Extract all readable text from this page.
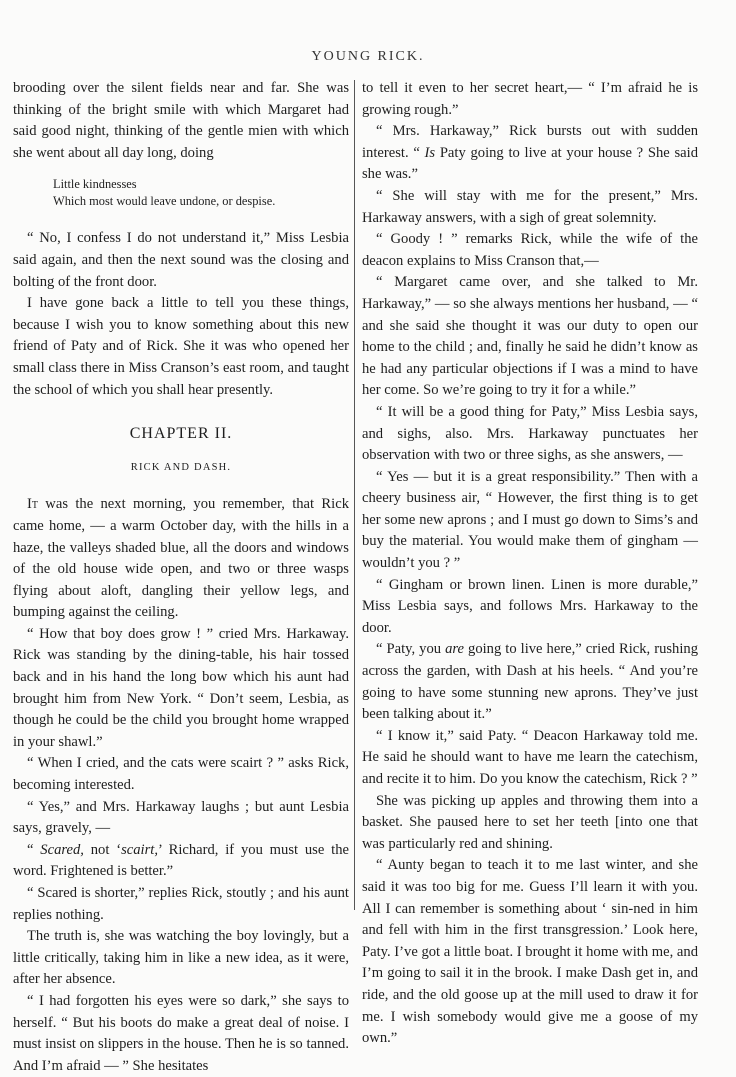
YOUNG RICK.

brooding over the silent fields near and far. She was thinking of the bright smile with which Margaret had said good night, thinking of the gentle mien with which she went about all day long, doing

Little kindnesses
Which most would leave undone, or despise.

“ No, I confess I do not understand it,” Miss Lesbia said again, and then the next sound was the closing and bolting of the front door.

I have gone back a little to tell you these things, because I wish you to know something about this new friend of Paty and of Rick. She it was who opened her small class there in Miss Cranson’s east room, and taught the school of which you shall hear presently.

CHAPTER II.
RICK AND DASH.

It was the next morning, you remember, that Rick came home, — a warm October day, with the hills in a haze, the valleys shaded blue, all the doors and windows of the old house wide open, and two or three wasps flying about aloft, dangling their yellow legs, and bumping against the ceiling.

“ How that boy does grow ! ” cried Mrs. Harkaway. Rick was standing by the dining-table, his hair tossed back and in his hand the long bow which his aunt had brought him from New York. “ Don’t seem, Lesbia, as though he could be the child you brought home wrapped in your shawl.”

“ When I cried, and the cats were scairt ? ” asks Rick, becoming interested.

“ Yes,” and Mrs. Harkaway laughs ; but aunt Lesbia says, gravely, —

“ Scared, not ‘scairt,’ Richard, if you must use the word. Frightened is better.”

“ Scared is shorter,” replies Rick, stoutly ; and his aunt replies nothing.

The truth is, she was watching the boy lovingly, but a little critically, taking him in like a new idea, as it were, after her absence.

“ I had forgotten his eyes were so dark,” she says to herself. “ But his boots do make a great deal of noise. I must insist on slippers in the house. Then he is so tanned. And I’m afraid — ” She hesitates

to tell it even to her secret heart,— “ I’m afraid he is growing rough.”

“ Mrs. Harkaway,” Rick bursts out with sudden interest. “ Is Paty going to live at your house ? She said she was.”

“ She will stay with me for the present,” Mrs. Harkaway answers, with a sigh of great solemnity.

“ Goody ! ” remarks Rick, while the wife of the deacon explains to Miss Cranson that,—

“ Margaret came over, and she talked to Mr. Harkaway,” — so she always mentions her husband, — “ and she said she thought it was our duty to open our home to the child ; and, finally he said he didn’t know as he had any particular objections if I was a mind to have her come. So we’re going to try it for a while.”

“ It will be a good thing for Paty,” Miss Lesbia says, and sighs, also. Mrs. Harkaway punctuates her observation with two or three sighs, as she answers, —

“ Yes — but it is a great responsibility.” Then with a cheery business air, “ However, the first thing is to get her some new aprons ; and I must go down to Sims’s and buy the material. You would make them of gingham — wouldn’t you ? ”

“ Gingham or brown linen. Linen is more durable,” Miss Lesbia says, and follows Mrs. Harkaway to the door.

“ Paty, you are going to live here,” cried Rick, rushing across the garden, with Dash at his heels. “ And you’re going to have some stunning new aprons. They’ve just been talking about it.”

“ I know it,” said Paty. “ Deacon Harkaway told me. He said he should want to have me learn the catechism, and recite it to him. Do you know the catechism, Rick ? ”

She was picking up apples and throwing them into a basket. She paused here to set her teeth [into one that was particularly red and shining.

“ Aunty began to teach it to me last winter, and she said it was too big for me. Guess I’ll learn it with you. All I can remember is something about ‘ sin-ned in him and fell with him in the first transgression.’ Look here, Paty. I’ve got a little boat. I brought it home with me, and I’m going to sail it in the brook. I make Dash get in, and ride, and the old goose up at the mill used to draw it for me. I wish somebody would give me a goose of my own.”
